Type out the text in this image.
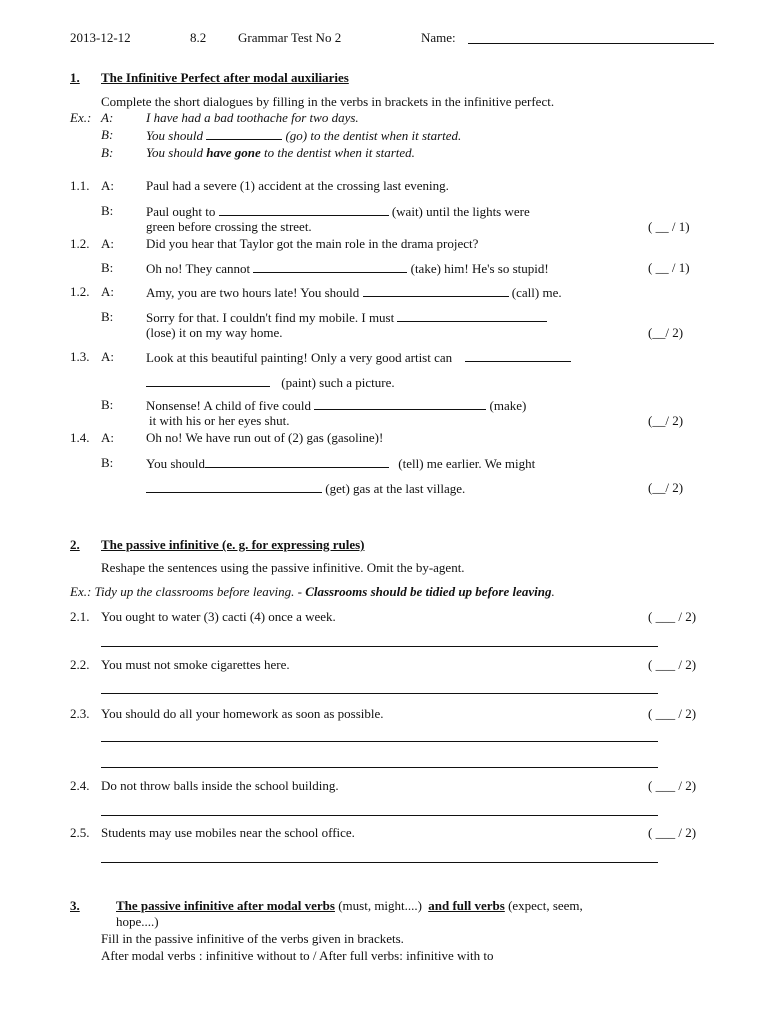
2013-12-12	8.2 Grammar Test No 2	Name:
1. The Infinitive Perfect after modal auxiliaries
Complete the short dialogues by filling in the verbs in brackets in the infinitive perfect.
Ex.: A:	I have had a bad toothache for two days.
B:	You should	(go) to the dentist when it started.
B:	You should have gone to the dentist when it started.
1.1. A: Paul had a severe (1) accident at the crossing last evening.
B:	Paul ought to	(wait) until the lights were
green before crossing the street.	( __ / 1)
1.2. A: Did you hear that Taylor got the main role in the drama project?
B:	Oh no! They cannot	(take) him! He's so stupid!	( __ / 1)
1.2. A: Amy, you are two hours late! You should	(call) me.
B:	Sorry for that. I couldn't find my mobile. I must
(lose) it on my way home.	(__/ 2)
1.3. A: Look at this beautiful painting! Only a very good artist can
(paint) such a picture.
B:	Nonsense! A child of five could	(make)
it with his or her eyes shut.	(__/ 2)
1.4. A: Oh no! We have run out of (2) gas (gasoline)!
B:	You should	(tell) me earlier. We might
(get) gas at the last village.	(__/ 2)
2. The passive infinitive (e. g. for expressing rules)
Reshape the sentences using the passive infinitive. Omit the by-agent.
Ex.: Tidy up the classrooms before leaving. - Classrooms should be tidied up before leaving.
2.1. You ought to water (3) cacti (4) once a week.	( ___ / 2)
2.2. You must not smoke cigarettes here.	( ___ / 2)
2.3. You should do all your homework as soon as possible.	( ___ / 2)
2.4. Do not throw balls inside the school building.	( ___ / 2)
2.5. Students may use mobiles near the school office.	( ___ / 2)
3.	The passive infinitive after modal verbs (must, might....) and full verbs (expect, seem,
hope....)
Fill in the passive infinitive of the verbs given in brackets.
After modal verbs : infinitive without to / After full verbs: infinitive with to
